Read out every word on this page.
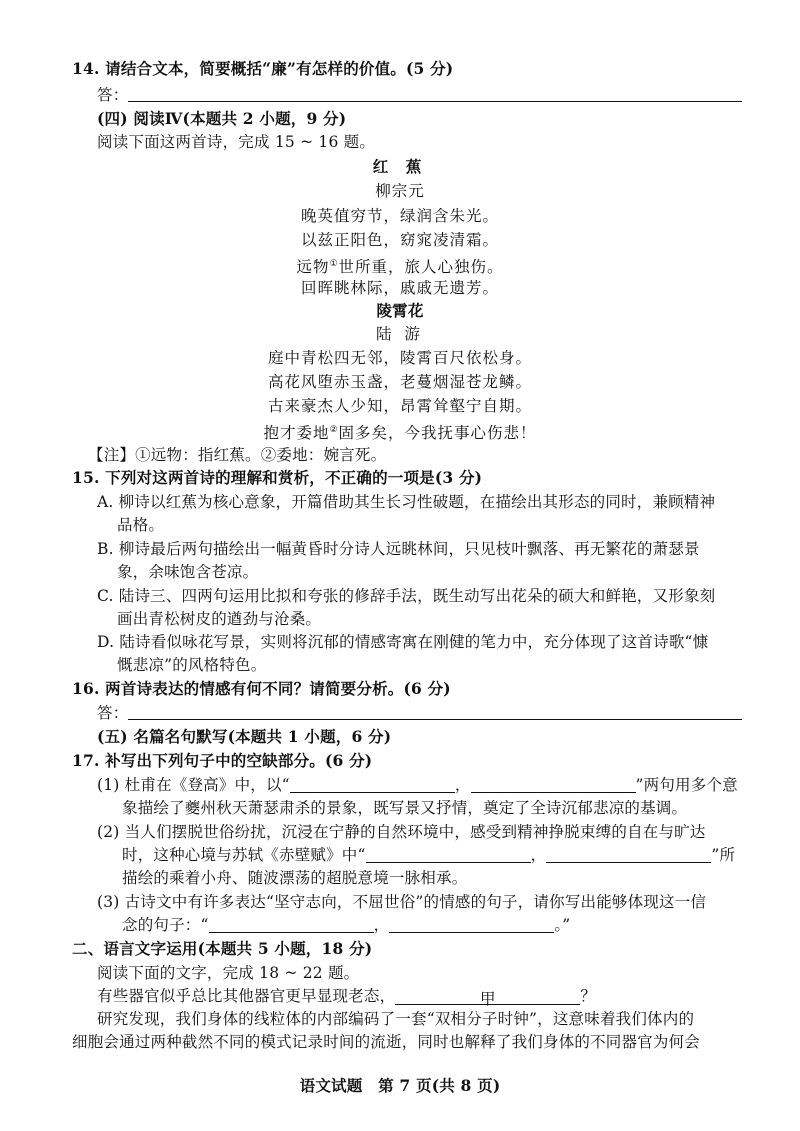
14. 请结合文本，简要概括“廉”有怎样的价值。(5 分)
答：
(四) 阅读Ⅳ(本题共 2 小题，9 分)
阅读下面这两首诗，完成 15 ~ 16 题。
红 蕉
柳宗元
晚英值穷节，绿润含朱光。
以兹正阳色，窈窕凌清霜。
远物①世所重，旅人心独伤。
回晖眺林际，戚戚无遗芳。
陵霄花
陆 游
庭中青松四无邻，陵霄百尺依松身。
高花风堕赤玉盏，老蔓烟湿苍龙鳞。
古来豪杰人少知，昂霄耸壑宁自期。
抱才委地②固多矣，今我抚事心伤悲！
【注】①远物：指红蕉。②委地：婉言死。
15. 下列对这两首诗的理解和赏析，不正确的一项是(3 分)
A. 柳诗以红蕉为核心意象，开篇借助其生长习性破题，在描绘出其形态的同时，兼顾精神
品格。
B. 柳诗最后两句描绘出一幅黄昏时分诗人远眺林间，只见枝叶飘落、再无繁花的萧瑟景
象，余味饱含苍凉。
C. 陆诗三、四两句运用比拟和夸张的修辞手法，既生动写出花朵的硕大和鲜艳，又形象刻
画出青松树皮的遒劲与沧桑。
D. 陆诗看似咏花写景，实则将沉郁的情感寄寓在刚健的笔力中，充分体现了这首诗歌“慷
慨悲凉”的风格特色。
16. 两首诗表达的情感有何不同？请简要分析。(6 分)
答：
(五) 名篇名句默写(本题共 1 小题，6 分)
17. 补写出下列句子中的空缺部分。(6 分)
(1) 杜甫在《登高》中，以“	，	”两句用多个意
象描绘了夔州秋天萧瑟肃杀的景象，既写景又抒情，奠定了全诗沉郁悲凉的基调。
(2) 当人们摆脱世俗纷扰，沉浸在宁静的自然环境中，感受到精神挣脱束缚的自在与旷达
时，这种心境与苏轼《赤壁赋》中“	，	”所
描绘的乘着小舟、随波漂荡的超脱意境一脉相承。
(3) 古诗文中有许多表达“坚守志向，不屈世俗”的情感的句子，请你写出能够体现这一信
念的句子：“	，	。”
二、语言文字运用(本题共 5 小题，18 分)
阅读下面的文字，完成 18 ~ 22 题。
有些器官似乎总比其他器官更早显现老态，	甲	？
研究发现，我们身体的线粒体的内部编码了一套“双相分子时钟”，这意味着我们体内的
细胞会通过两种截然不同的模式记录时间的流逝，同时也解释了我们身体的不同器官为何会
语文试题　第 7 页(共 8 页)
